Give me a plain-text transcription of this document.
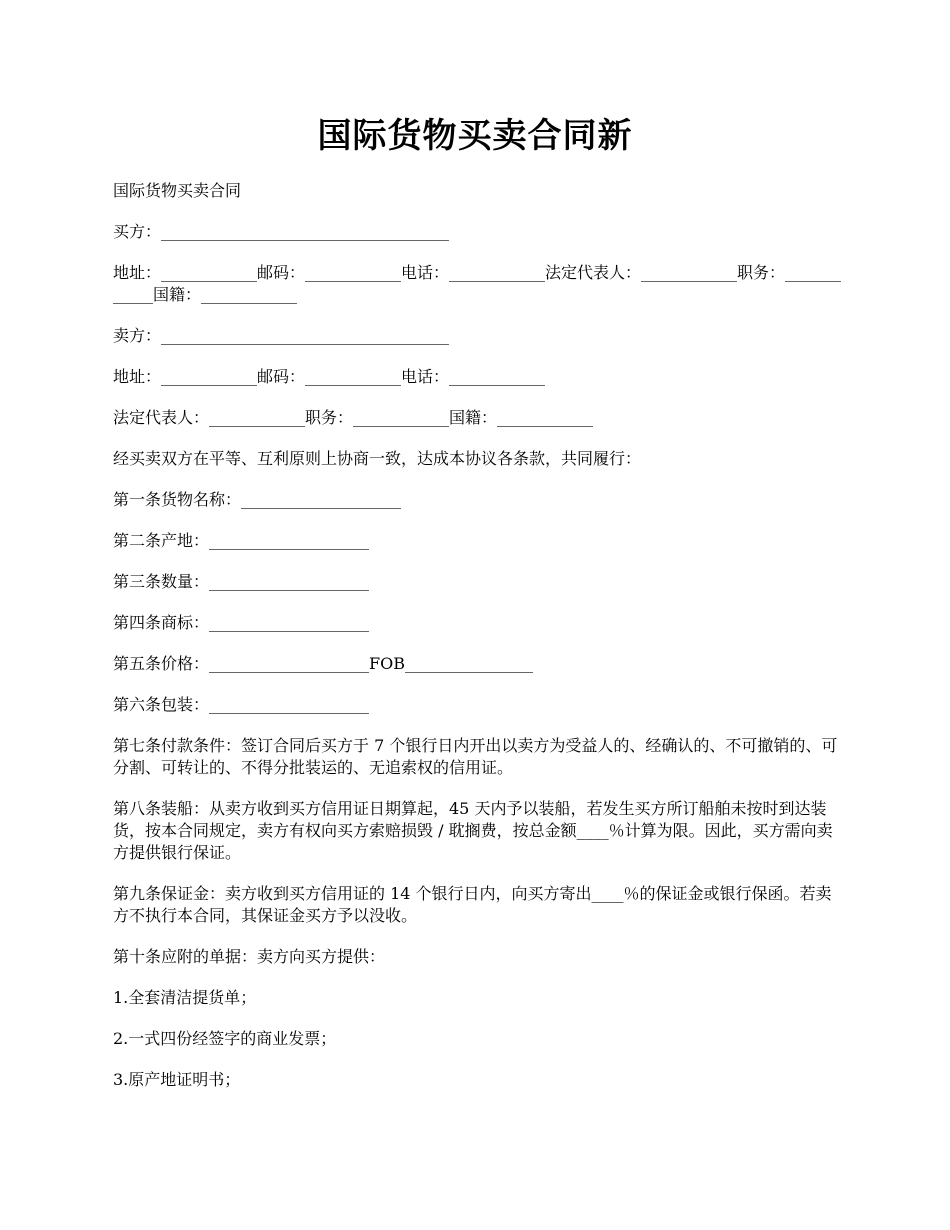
国际货物买卖合同新

国际货物买卖合同

买方：____________________________________

地址：____________邮码：____________电话：____________法定代表人：____________职务：____________国籍：____________

卖方：____________________________________

地址：____________邮码：____________电话：____________

法定代表人：____________职务：____________国籍：____________

经买卖双方在平等、互利原则上协商一致，达成本协议各条款，共同履行：

第一条货物名称：____________________

第二条产地：____________________

第三条数量：____________________

第四条商标：____________________

第五条价格：____________________FOB________________

第六条包装：____________________

第七条付款条件：签订合同后买方于 7 个银行日内开出以卖方为受益人的、经确认的、不可撤销的、可分割、可转让的、不得分批装运的、无追索权的信用证。

第八条装船：从卖方收到买方信用证日期算起，45 天内予以装船，若发生买方所订船舶未按时到达装货，按本合同规定，卖方有权向买方索赔损毁 / 耽搁费，按总金额____％计算为限。因此，买方需向卖方提供银行保证。

第九条保证金：卖方收到买方信用证的 14 个银行日内，向买方寄出____％的保证金或银行保函。若卖方不执行本合同，其保证金买方予以没收。

第十条应附的单据：卖方向买方提供：

1.全套清洁提货单；

2.一式四份经签字的商业发票；

3.原产地证明书；
